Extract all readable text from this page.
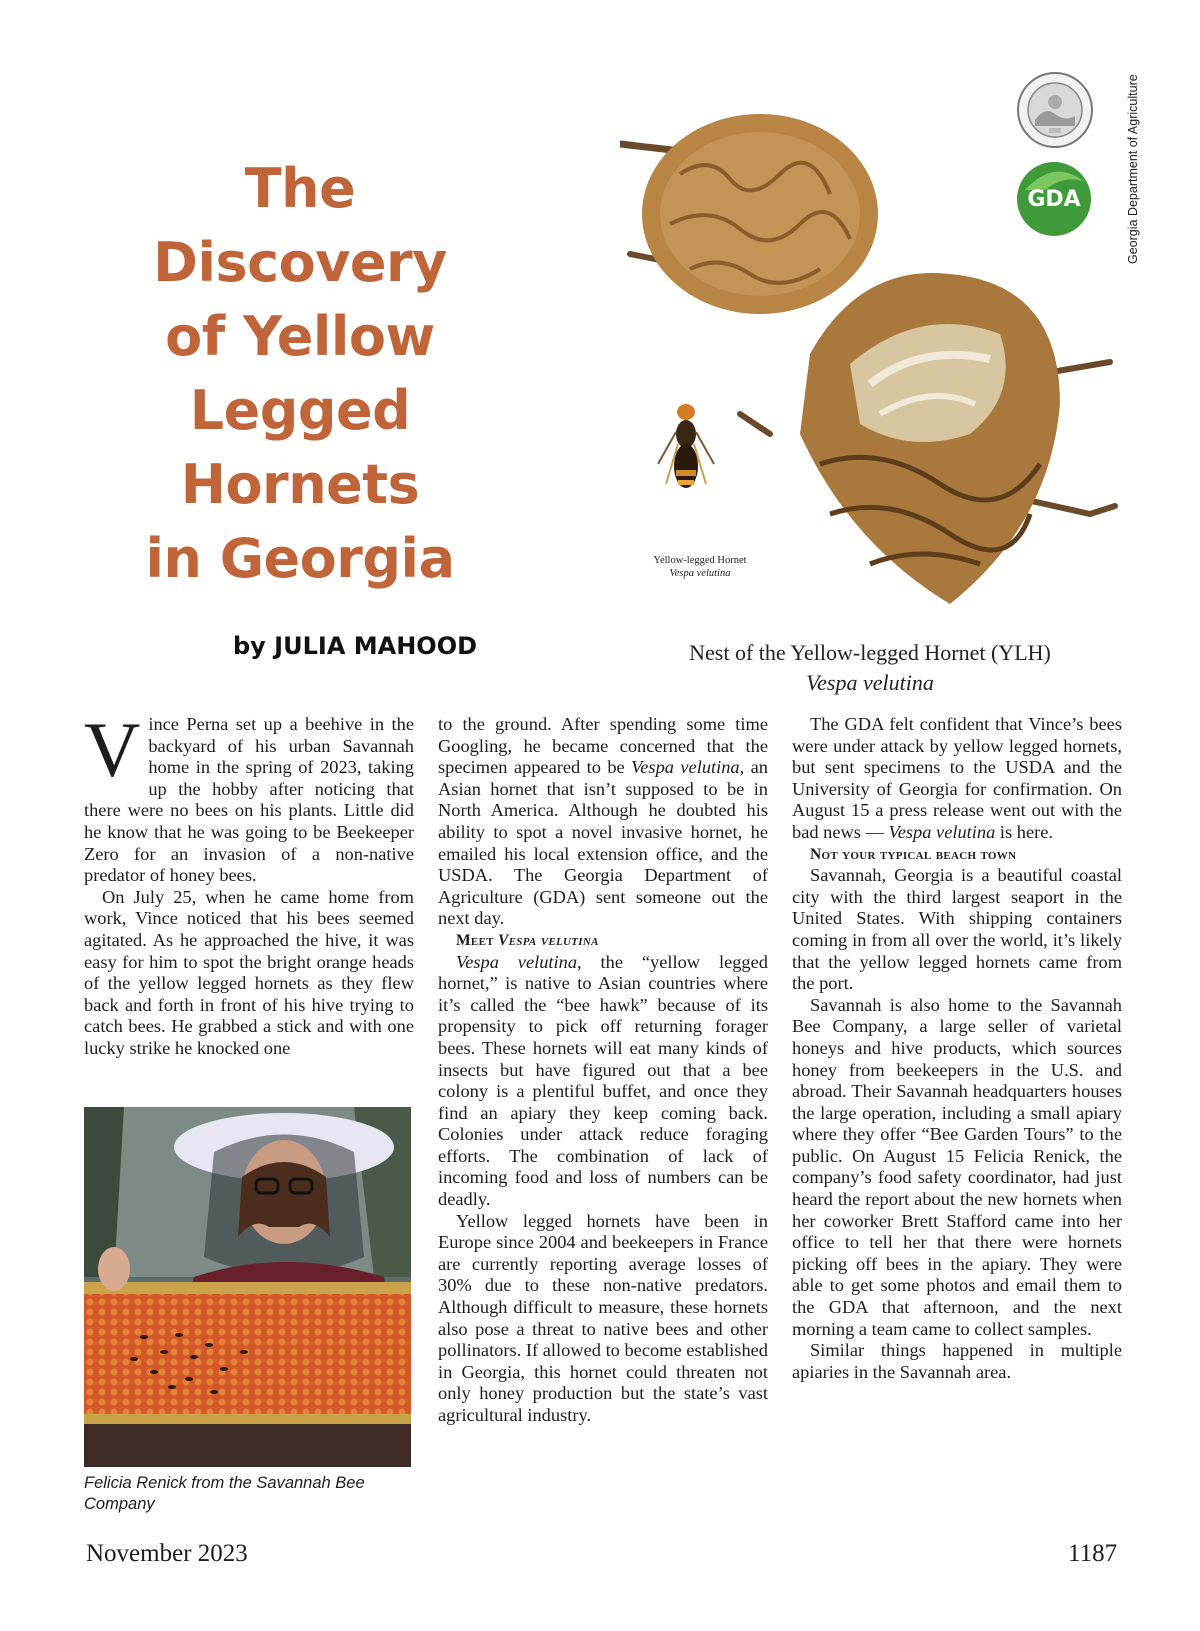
The Discovery
of Yellow
Legged Hornets
in Georgia
by JULIA MAHOOD
GDA	Georgia Department of Agriculture
Yellow-legged Hornet
Vespa velutina
Nest of the Yellow-legged Hornet (YLH)
Vespa velutina

Vince Perna set up a beehive in the backyard of his urban Savannah home in the spring of 2023, taking up the hobby after noticing that there were no bees on his plants. Little did he know that he was going to be Beekeeper Zero for an invasion of a non-native predator of honey bees.

On July 25, when he came home from work, Vince noticed that his bees seemed agitated. As he approached the hive, it was easy for him to spot the bright orange heads of the yellow legged hornets as they flew back and forth in front of his hive trying to catch bees. He grabbed a stick and with one lucky strike he knocked one

Felicia Renick from the Savannah Bee
Company

to the ground. After spending some time Googling, he became concerned that the specimen appeared to be Vespa velutina, an Asian hornet that isn’t supposed to be in North America. Although he doubted his ability to spot a novel invasive hornet, he emailed his local extension office, and the USDA. The Georgia Department of Agriculture (GDA) sent someone out the next day.

Meet Vespa velutina

Vespa velutina, the “yellow legged hornet,” is native to Asian countries where it’s called the “bee hawk” because of its propensity to pick off returning forager bees. These hornets will eat many kinds of insects but have figured out that a bee colony is a plentiful buffet, and once they find an apiary they keep coming back. Colonies under attack reduce foraging efforts. The combination of lack of incoming food and loss of numbers can be deadly.

Yellow legged hornets have been in Europe since 2004 and beekeepers in France are currently reporting average losses of 30% due to these non-native predators. Although difficult to measure, these hornets also pose a threat to native bees and other pollinators. If allowed to become established in Georgia, this hornet could threaten not only honey production but the state’s vast agricultural industry.

The GDA felt confident that Vince’s bees were under attack by yellow legged hornets, but sent specimens to the USDA and the University of Georgia for confirmation. On August 15 a press release went out with the bad news — Vespa velutina is here.

Not your typical beach town

Savannah, Georgia is a beautiful coastal city with the third largest seaport in the United States. With shipping containers coming in from all over the world, it’s likely that the yellow legged hornets came from the port.

Savannah is also home to the Savannah Bee Company, a large seller of varietal honeys and hive products, which sources honey from beekeepers in the U.S. and abroad. Their Savannah headquarters houses the large operation, including a small apiary where they offer “Bee Garden Tours” to the public. On August 15 Felicia Renick, the company’s food safety coordinator, had just heard the report about the new hornets when her coworker Brett Stafford came into her office to tell her that there were hornets picking off bees in the apiary. They were able to get some photos and email them to the GDA that afternoon, and the next morning a team came to collect samples.

Similar things happened in multiple apiaries in the Savannah area.

November 2023	1187
